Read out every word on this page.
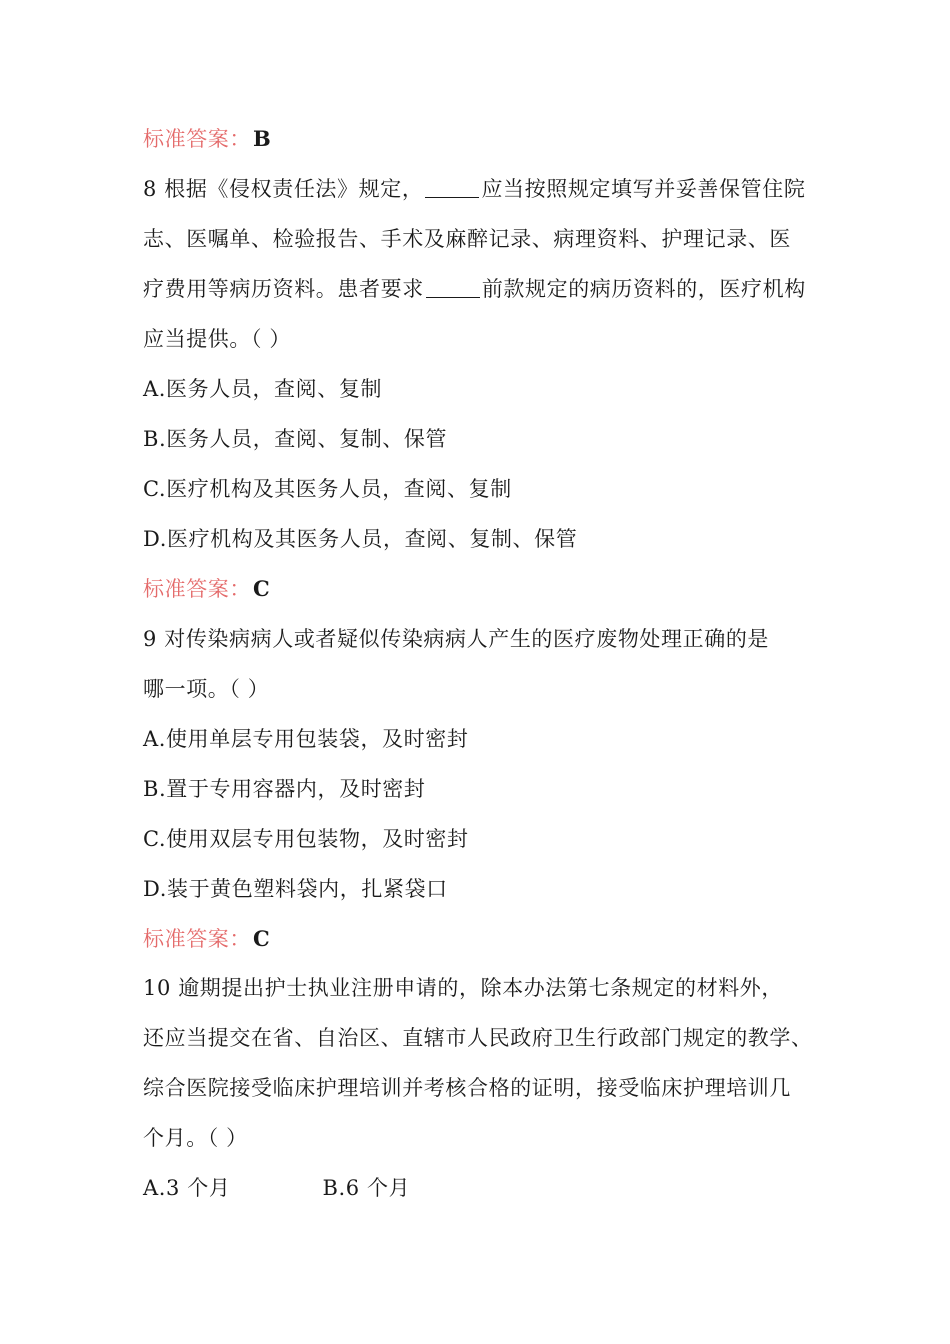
标准答案：B
8 根据《侵权责任法》规定，	应当按照规定填写并妥善保管住院
志、医嘱单、检验报告、手术及麻醉记录、病理资料、护理记录、医
疗费用等病历资料。患者要求	前款规定的病历资料的，医疗机构
应当提供。（ ）
A.医务人员，查阅、复制
B.医务人员，查阅、复制、保管
C.医疗机构及其医务人员，查阅、复制
D.医疗机构及其医务人员，查阅、复制、保管
标准答案：C
9 对传染病病人或者疑似传染病病人产生的医疗废物处理正确的是
哪一项。（ ）
A.使用单层专用包装袋，及时密封
B.置于专用容器内，及时密封
C.使用双层专用包装物，及时密封
D.装于黄色塑料袋内，扎紧袋口
标准答案：C
10 逾期提出护士执业注册申请的，除本办法第七条规定的材料外，
还应当提交在省、自治区、直辖市人民政府卫生行政部门规定的教学、
综合医院接受临床护理培训并考核合格的证明，接受临床护理培训几
个月。（ ）
A.3 个月	B.6 个月
